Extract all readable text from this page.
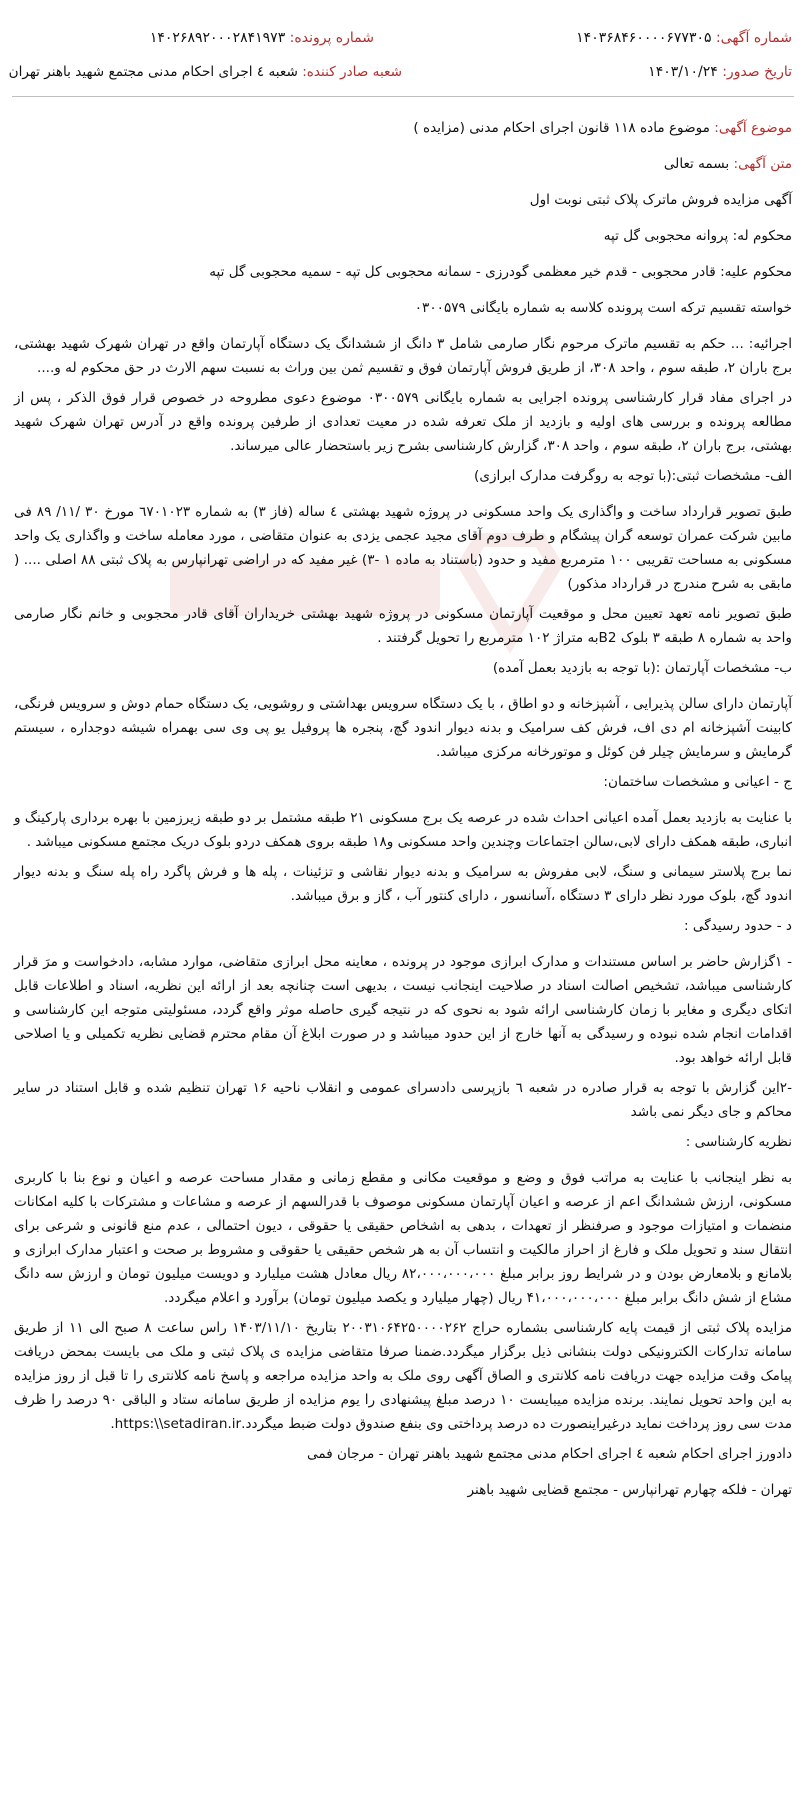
شماره آگهی: ۱۴۰۳۶۸۴۶۰۰۰۰۶۷۷۳۰۵
شماره پرونده: ۱۴۰۲۶۸۹۲۰۰۰۲۸۴۱۹۷۳
تاریخ صدور: ۱۴۰۳/۱۰/۲۴
شعبه صادر کننده: شعبه ٤ اجرای احکام مدنی مجتمع شهید باهنر تهران

موضوع آگهی: موضوع ماده ۱۱۸ قانون اجرای احکام مدنی (مزایده )

متن آگهی: بسمه تعالی

آگهی مزایده فروش ماترک پلاک ثبتی نوبت اول

محکوم له: پروانه محجوبی گل تپه

محکوم علیه: قادر محجوبی - قدم خیر معظمی گودرزی - سمانه محجوبی کل تپه - سمیه محجوبی گل تپه

خواسته تقسیم ترکه است پرونده کلاسه به شماره بایگانی ۰۳۰۰۵۷۹

اجرائیه: ... حکم به تقسیم ماترک مرحوم نگار صارمی شامل ۳ دانگ از ششدانگ یک دستگاه آپارتمان واقع در تهران شهرک شهید بهشتی، برج باران ۲، طبقه سوم ، واحد ۳۰۸، از طریق فروش آپارتمان فوق و تقسیم ثمن بین وراث به نسبت سهم الارث در حق محکوم له و....

در اجرای مفاد قرار کارشناسی پرونده اجرایی به شماره بایگانی ۰۳۰۰۵۷۹ موضوع دعوی مطروحه در خصوص قرار فوق الذکر ، پس از مطالعه پرونده و بررسی های اولیه و بازدید از ملک تعرفه شده در معیت تعدادی از طرفین پرونده واقع در آدرس تهران شهرک شهید بهشتی، برج باران ۲، طبقه سوم ، واحد ۳۰۸، گزارش کارشناسی بشرح زیر باستحضار عالی میرساند.

الف- مشخصات ثبتی:(با توجه به روگرفت مدارک ابرازی)

طبق تصویر قرارداد ساخت و واگذاری یک واحد مسکونی در پروژه شهید بهشتی ٤ ساله (فاز ۳) به شماره ٦٧٠١٠٢٣ مورخ ۳۰ /۱۱/ ۸۹ فی مابین شرکت عمران توسعه گران پیشگام و طرف دوم آقای مجید عجمی یزدی به عنوان متقاضی ، مورد معامله ساخت و واگذاری یک واحد مسکونی به مساحت تقریبی ۱۰۰ مترمربع مفید و حدود (باستناد به ماده ۱ -۳) غیر مفید که در اراضی تهرانپارس به پلاک ثبتی ۸۸ اصلی .... ( مابقی به شرح مندرج در قرارداد مذکور)

طبق تصویر نامه تعهد تعیین محل و موقعیت آپارتمان مسکونی در پروژه شهید بهشتی خریداران آقای قادر محجوبی و خانم نگار صارمی واحد به شماره ۸ طبقه ۳ بلوک B2به متراژ ۱۰۲ مترمربع را تحویل گرفتند .

ب- مشخصات آپارتمان :(با توجه به بازدید بعمل آمده)

آپارتمان دارای سالن پذیرایی ، آشپزخانه و دو اطاق ، با یک دستگاه سرویس بهداشتی و روشویی، یک دستگاه حمام دوش و سرویس فرنگی، کابینت آشپزخانه ام دی اف، فرش کف سرامیک و بدنه دیوار اندود گچ، پنجره ها پروفیل یو پی وی سی بهمراه شیشه دوجداره ، سیستم گرمایش و سرمایش چیلر فن کوئل و موتورخانه مرکزی میباشد.

ج - اعیانی و مشخصات ساختمان:

با عنایت به بازدید بعمل آمده اعیانی احداث شده در عرصه یک برج مسکونی ۲۱ طبقه مشتمل بر دو طبقه زیرزمین با بهره برداری پارکینگ و انباری، طبقه همکف دارای لابی،سالن اجتماعات وچندین واحد مسکونی و۱۸ طبقه بروی همکف دردو بلوک دریک مجتمع مسکونی میباشد .

نما برج پلاستر سیمانی و سنگ، لابی مفروش به سرامیک و بدنه دیوار نقاشی و تزئینات ، پله ها و فرش پاگرد راه پله سنگ و بدنه دیوار اندود گچ، بلوک مورد نظر دارای ۳ دستگاه ،آسانسور ، دارای کنتور آب ، گاز و برق میباشد.

د - حدود رسیدگی :

- ۱گزارش حاضر بر اساس مستندات و مدارک ابرازی موجود در پرونده ، معاینه محل ابرازی متقاضی، موارد مشابه، دادخواست و مرَ قرار کارشناسی میباشد، تشخیص اصالت اسناد در صلاحیت اینجانب نیست ، بدیهی است چنانچه بعد از ارائه این نظریه، اسناد و اطلاعات قابل اتکای دیگری و مغایر با زمان کارشناسی ارائه شود به نحوی که در نتیجه گیری حاصله موثر واقع گردد، مسئولیتی متوجه این کارشناسی و اقدامات انجام شده نبوده و رسیدگی به آنها خارج از این حدود میباشد و در صورت ابلاغ آن مقام محترم قضایی نظریه تکمیلی و یا اصلاحی قابل ارائه خواهد بود.

-۲این گزارش با توجه به قرار صادره در شعبه ٦ بازپرسی دادسرای عمومی و انقلاب ناحیه ۱۶ تهران تنظیم شده و قابل استناد در سایر محاکم و جای دیگر نمی باشد

نظریه کارشناسی :

به نظر اینجانب با عنایت به مراتب فوق و وضع و موقعیت مکانی و مقطع زمانی و مقدار مساحت عرصه و اعیان و نوع بنا با کاربری مسکونی، ارزش ششدانگ اعم از عرصه و اعیان آپارتمان مسکونی موصوف با قدرالسهم از عرصه و مشاعات و مشترکات با کلیه امکانات منضمات و امتیازات موجود و صرفنظر از تعهدات ، بدهی به اشخاص حقیقی یا حقوقی ، دیون احتمالی ، عدم منع قانونی و شرعی برای انتقال سند و تحویل ملک و فارغ از احراز مالکیت و انتساب آن به هر شخص حقیقی یا حقوقی و مشروط بر صحت و اعتبار مدارک ابرازی و بلامانع و بلامعارض بودن و در شرایط روز برابر مبلغ ۸۲،۰۰۰،۰۰۰،۰۰۰ ریال معادل هشت میلیارد و دویست میلیون تومان و ارزش سه دانگ مشاع از شش دانگ برابر مبلغ ۴۱،۰۰۰،۰۰۰،۰۰۰ ریال (چهار میلیارد و یکصد میلیون تومان) برآورد و اعلام میگردد.

مزایده پلاک ثبتی از قیمت پایه کارشناسی بشماره حراج ۲۰۰۳۱۰۶۴۲۵۰۰۰۰۲۶۲ بتاریخ ۱۴۰۳/۱۱/۱۰ راس ساعت ۸ صبح الی ۱۱ از طریق سامانه تدارکات الکترونیکی دولت بنشانی ذیل برگزار میگردد.ضمنا صرفا متقاضی مزایده ی پلاک ثبتی و ملک می بایست بمحض دریافت پیامک وقت مزایده جهت دریافت نامه کلانتری و الصاق آگهی روی ملک به واحد مزایده مراجعه و پاسخ نامه کلانتری را تا قبل از روز مزایده به این واحد تحویل نمایند. برنده مزایده میبایست ۱۰ درصد مبلغ پیشنهادی را یوم مزایده از طریق سامانه ستاد و الباقی ۹۰ درصد را ظرف مدت سی روز پرداخت نماید درغیراینصورت ده درصد پرداختی وی بنفع صندوق دولت ضبط میگردد.https:\\setadiran.ir.

دادورز اجرای احکام شعبه ٤ اجرای احکام مدنی مجتمع شهید باهنر تهران - مرجان فمی

تهران - فلکه چهارم تهرانپارس - مجتمع قضایی شهید باهنر
